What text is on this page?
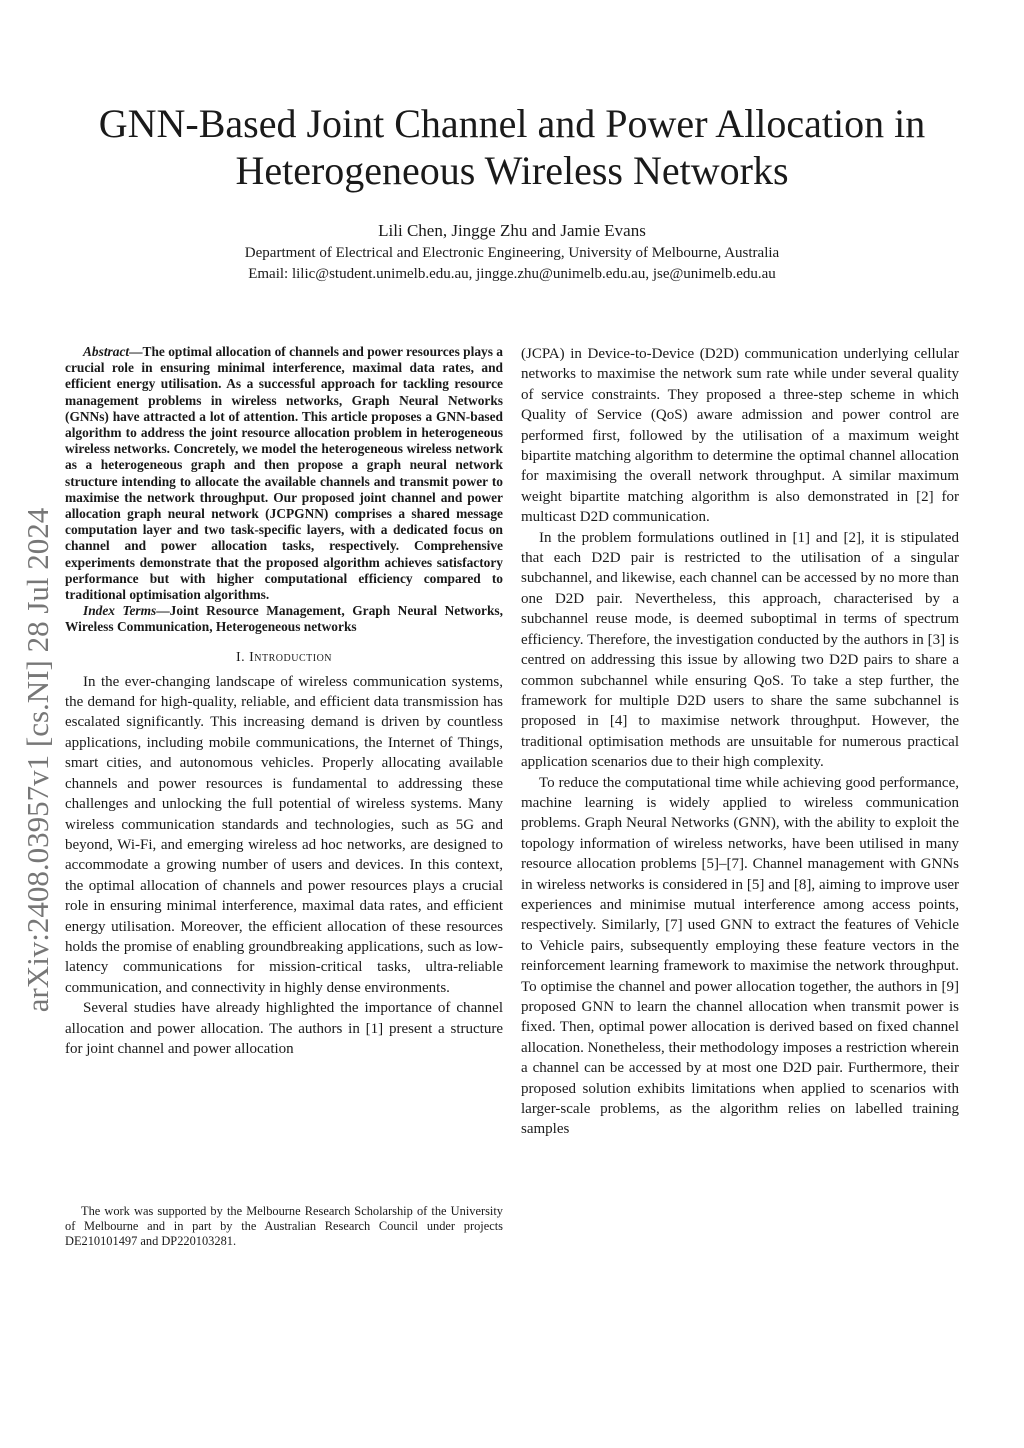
GNN-Based Joint Channel and Power Allocation in Heterogeneous Wireless Networks
Lili Chen, Jingge Zhu and Jamie Evans
Department of Electrical and Electronic Engineering, University of Melbourne, Australia
Email: lilic@student.unimelb.edu.au, jingge.zhu@unimelb.edu.au, jse@unimelb.edu.au
arXiv:2408.03957v1 [cs.NI] 28 Jul 2024

Abstract—The optimal allocation of channels and power resources plays a crucial role in ensuring minimal interference, maximal data rates, and efficient energy utilisation. As a successful approach for tackling resource management problems in wireless networks, Graph Neural Networks (GNNs) have attracted a lot of attention. This article proposes a GNN-based algorithm to address the joint resource allocation problem in heterogeneous wireless networks. Concretely, we model the heterogeneous wireless network as a heterogeneous graph and then propose a graph neural network structure intending to allocate the available channels and transmit power to maximise the network throughput. Our proposed joint channel and power allocation graph neural network (JCPGNN) comprises a shared message computation layer and two task-specific layers, with a dedicated focus on channel and power allocation tasks, respectively. Comprehensive experiments demonstrate that the proposed algorithm achieves satisfactory performance but with higher computational efficiency compared to traditional optimisation algorithms.

Index Terms—Joint Resource Management, Graph Neural Networks, Wireless Communication, Heterogeneous networks

I. Introduction

In the ever-changing landscape of wireless communication systems, the demand for high-quality, reliable, and efficient data transmission has escalated significantly. This increasing demand is driven by countless applications, including mobile communications, the Internet of Things, smart cities, and autonomous vehicles. Properly allocating available channels and power resources is fundamental to addressing these challenges and unlocking the full potential of wireless systems. Many wireless communication standards and technologies, such as 5G and beyond, Wi-Fi, and emerging wireless ad hoc networks, are designed to accommodate a growing number of users and devices. In this context, the optimal allocation of channels and power resources plays a crucial role in ensuring minimal interference, maximal data rates, and efficient energy utilisation. Moreover, the efficient allocation of these resources holds the promise of enabling groundbreaking applications, such as low-latency communications for mission-critical tasks, ultra-reliable communication, and connectivity in highly dense environments.

Several studies have already highlighted the importance of channel allocation and power allocation. The authors in [1] present a structure for joint channel and power allocation

The work was supported by the Melbourne Research Scholarship of the University of Melbourne and in part by the Australian Research Council under projects DE210101497 and DP220103281.

(JCPA) in Device-to-Device (D2D) communication underlying cellular networks to maximise the network sum rate while under several quality of service constraints. They proposed a three-step scheme in which Quality of Service (QoS) aware admission and power control are performed first, followed by the utilisation of a maximum weight bipartite matching algorithm to determine the optimal channel allocation for maximising the overall network throughput. A similar maximum weight bipartite matching algorithm is also demonstrated in [2] for multicast D2D communication.

In the problem formulations outlined in [1] and [2], it is stipulated that each D2D pair is restricted to the utilisation of a singular subchannel, and likewise, each channel can be accessed by no more than one D2D pair. Nevertheless, this approach, characterised by a subchannel reuse mode, is deemed suboptimal in terms of spectrum efficiency. Therefore, the investigation conducted by the authors in [3] is centred on addressing this issue by allowing two D2D pairs to share a common subchannel while ensuring QoS. To take a step further, the framework for multiple D2D users to share the same subchannel is proposed in [4] to maximise network throughput. However, the traditional optimisation methods are unsuitable for numerous practical application scenarios due to their high complexity.

To reduce the computational time while achieving good performance, machine learning is widely applied to wireless communication problems. Graph Neural Networks (GNN), with the ability to exploit the topology information of wireless networks, have been utilised in many resource allocation problems [5]–[7]. Channel management with GNNs in wireless networks is considered in [5] and [8], aiming to improve user experiences and minimise mutual interference among access points, respectively. Similarly, [7] used GNN to extract the features of Vehicle to Vehicle pairs, subsequently employing these feature vectors in the reinforcement learning framework to maximise the network throughput. To optimise the channel and power allocation together, the authors in [9] proposed GNN to learn the channel allocation when transmit power is fixed. Then, optimal power allocation is derived based on fixed channel allocation. Nonetheless, their methodology imposes a restriction wherein a channel can be accessed by at most one D2D pair. Furthermore, their proposed solution exhibits limitations when applied to scenarios with larger-scale problems, as the algorithm relies on labelled training samples
